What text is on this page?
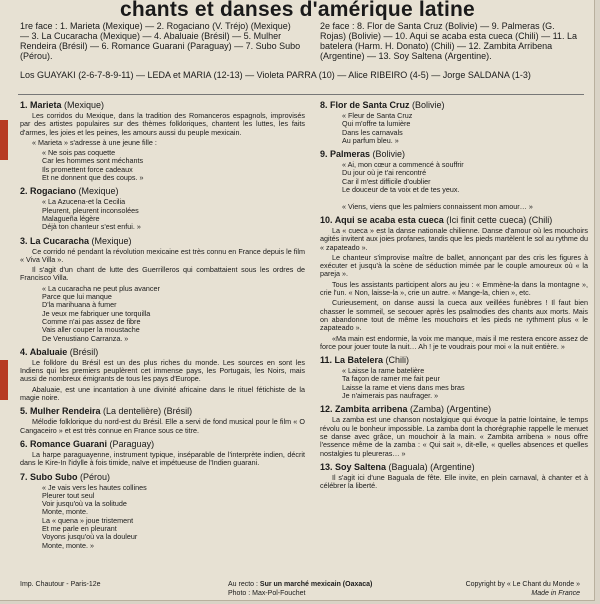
chants et danses d'amérique latine
1re face : 1. Marieta (Mexique) — 2. Rogaciano (V. Tréjo) (Mexique) — 3. La Cucaracha (Mexique) — 4. Abaluaie (Brésil) — 5. Mulher Rendeira (Brésil) — 6. Romance Guarani (Paraguay) — 7. Subo Subo (Pérou).
2e face : 8. Flor de Santa Cruz (Bolivie) — 9. Palmeras (G. Rojas) (Bolivie) — 10. Aqui se acaba esta cueca (Chili) — 11. La batelera (Harm. H. Donato) (Chili) — 12. Zambita Arribena (Argentine) — 13. Soy Saltena (Argentine).
Los GUAYAKI (2-6-7-8-9-11) — LEDA et MARIA (12-13) — Violeta PARRA (10) — Alice RIBEIRO (4-5) — Jorge SALDANA (1-3)
1. Marieta (Mexique)

Les corridos du Mexique, dans la tradition des Romanceros espagnols, improvisés par des artistes populaires sur des thèmes folkloriques, chantent les luttes, les faits d'armes, les joies et les peines, les amours aussi du peuple mexicain.

« Marieta » s'adresse à une jeune fille :

« Ne sois pas coquette
Car les hommes sont méchants
Ils promettent force cadeaux
Et ne donnent que des coups. »
2. Rogaciano (Mexique)
« La Azucena-et la Cecilia
Pleurent, pleurent inconsolées
Malagueña légère
Déjà ton chanteur s'est enfui. »
3. La Cucaracha (Mexique)

Ce corrido né pendant la révolution mexicaine est très connu en France depuis le film « Viva Villa ».

Il s'agit d'un chant de lutte des Guerrilleros qui combattaient sous les ordres de Francisco Villa.

« La cucaracha ne peut plus avancer
Parce que lui manque
D'la marihuana à fumer
Je veux me fabriquer une torquilla
Comme n'ai pas assez de fibre
Vais aller couper la moustache
De Venustiano Carranza. »
4. Abaluaie (Brésil)

Le folklore du Brésil est un des plus riches du monde. Les sources en sont les Indiens qui les premiers peuplèrent cet immense pays, les Portugais, les Noirs, mais aussi de nombreux émigrants de tous les pays d'Europe.

Abaluaie, est une incantation à une divinité africaine dans le rituel fétichiste de la magie noire.

5. Mulher Rendeira (La dentelière) (Brésil)

Mélodie folklorique du nord-est du Brésil. Elle a servi de fond musical pour le film « O Cangaceiro » et est très connue en France sous ce titre.

6. Romance Guarani (Paraguay)

La harpe paraguayenne, instrument typique, inséparable de l'interprète indien, décrit dans le Kire-In l'idylle à fois timide, naïve et impétueuse de l'Indien guarani.

7. Subo Subo (Pérou)
« Je vais vers les hautes collines
Pleurer tout seul
Voir jusqu'où va la solitude
Monte, monte.
La « quena » joue tristement
Et me parle en pleurant
Voyons jusqu'où va la douleur
Monte, monte. »
8. Flor de Santa Cruz (Bolivie)
« Fleur de Santa Cruz
Qui m'offre ta lumière
Dans les carnavals
Au parfum bleu. »
9. Palmeras (Bolivie)
« Ai, mon cœur a commencé à souffrir
Du jour où je t'ai rencontré
Car il m'est difficile d'oublier
Le douceur de ta voix et de tes yeux.

« Viens, viens que les palmiers connaissent mon amour… »
10. Aqui se acaba esta cueca (Ici finit cette cueca) (Chili)

La « cueca » est la danse nationale chilienne. Danse d'amour où les mouchoirs agités invitent aux joies profanes, tandis que les pieds martèlent le sol au rythme du « zapateado ».

Le chanteur s'improvise maître de ballet, annonçant par des cris les figures à exécuter et jusqu'à la scène de séduction mimée par le couple amoureux où « la pareja ».

Tous les assistants participent alors au jeu : « Emmène-la dans la montagne », crie l'un. « Non, laisse-la », crie un autre. « Mange-la, chien », etc.

Curieusement, on danse aussi la cueca aux veillées funèbres ! Il faut bien chasser le sommeil, se secouer après les psalmodies des chants aux morts. Mais on abandonne tout de même les mouchoirs et les pieds ne rythment plus « le zapateado ».

«Ma main est endormie, la voix me manque, mais il me restera encore assez de force pour jouer toute la nuit… Ah ! je te voudrais pour moi « la nuit entière. »

11. La Batelera (Chili)
« Laisse la rame batelière
Ta façon de ramer me fait peur
Laisse la rame et viens dans mes bras
Je n'aimerais pas naufrager. »
12. Zambita arribena (Zamba) (Argentine)

La zamba est une chanson nostalgique qui évoque la patrie lointaine, le temps révolu ou le bonheur impossible. La zamba dont la chorégraphie rappelle le menuet se danse avec grâce, un mouchoir à la main. « Zambita arribena » nous offre l'essence même de la zamba : « Qui sait », dit-elle, « quelles absences et quelles nostalgies tu pleureras… »

13. Soy Saltena (Baguala) (Argentine)

Il s'agit ici d'une Baguala de fête. Elle invite, en plein carnaval, à chanter et à célébrer la liberté.

Imp. Chautour - Paris-12e	Au recto : Sur un marché mexicain (Oaxaca)
Photo : Max-Pol-Fouchet
Copyright by « Le Chant du Monde »
Made in France
